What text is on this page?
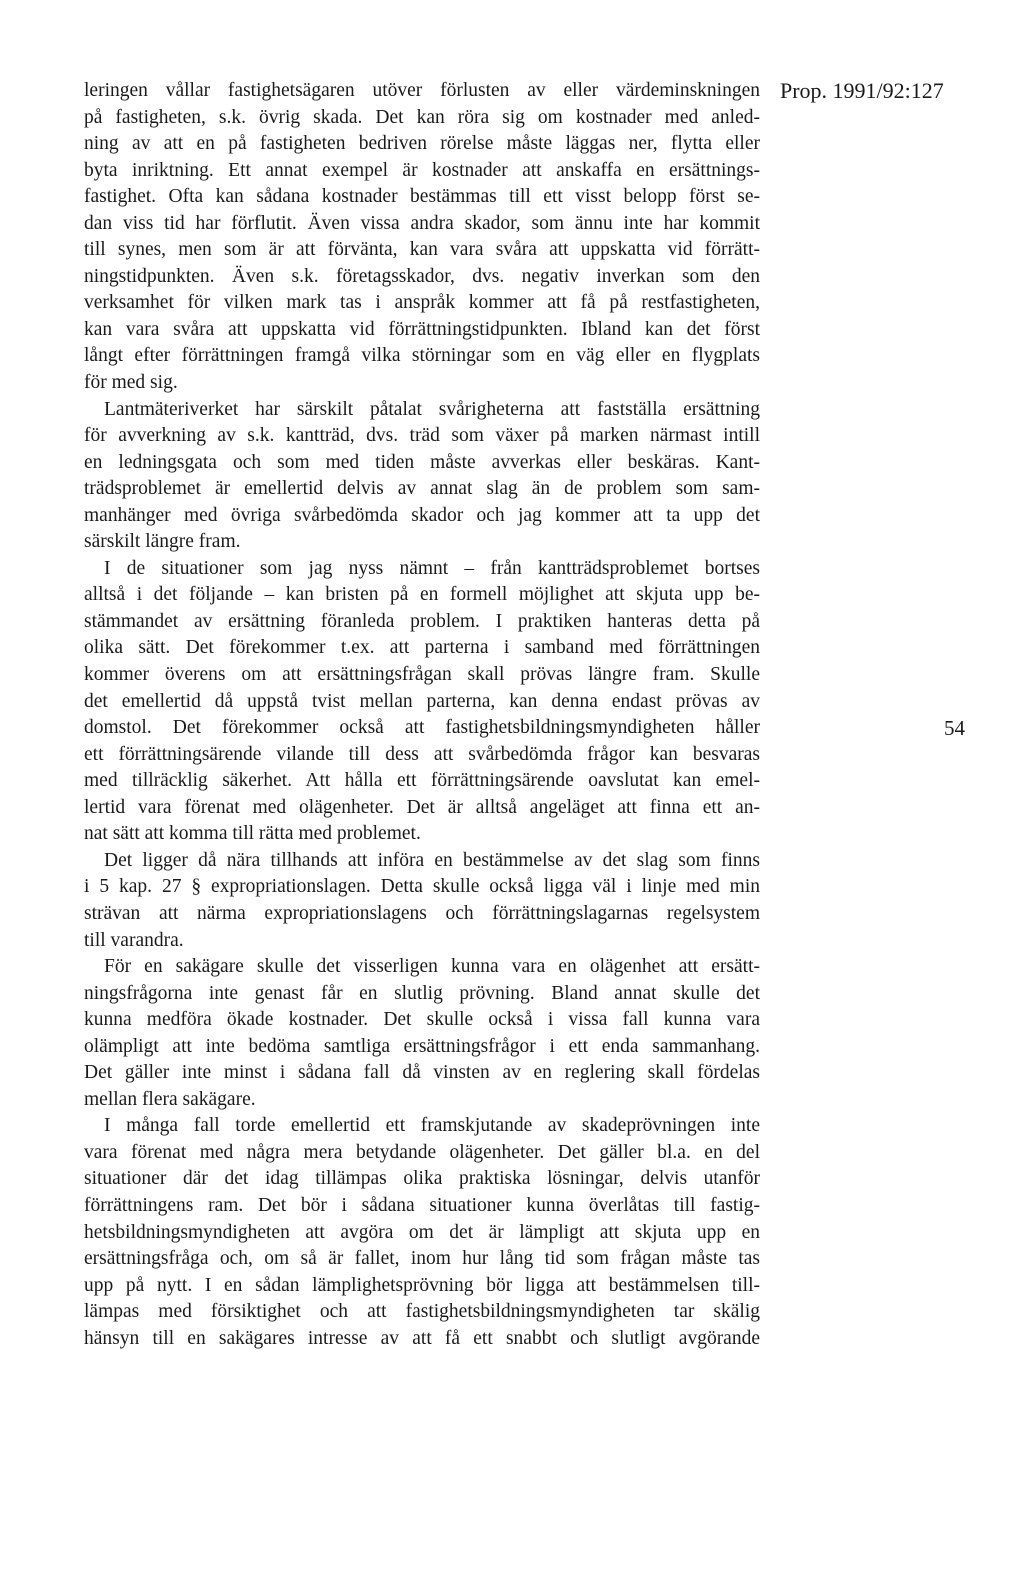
Prop. 1991/92:127
leringen vållar fastighetsägaren utöver förlusten av eller värdeminskningen
på fastigheten, s.k. övrig skada. Det kan röra sig om kostnader med anled-
ning av att en på fastigheten bedriven rörelse måste läggas ner, flytta eller
byta inriktning. Ett annat exempel är kostnader att anskaffa en ersättnings-
fastighet. Ofta kan sådana kostnader bestämmas till ett visst belopp först se-
dan viss tid har förflutit. Även vissa andra skador, som ännu inte har kommit
till synes, men som är att förvänta, kan vara svåra att uppskatta vid förrätt-
ningstidpunkten. Även s.k. företagsskador, dvs. negativ inverkan som den
verksamhet för vilken mark tas i anspråk kommer att få på restfastigheten,
kan vara svåra att uppskatta vid förrättningstidpunkten. Ibland kan det först
långt efter förrättningen framgå vilka störningar som en väg eller en flygplats
för med sig.
Lantmäteriverket har särskilt påtalat svårigheterna att fastställa ersättning
för avverkning av s.k. kantträd, dvs. träd som växer på marken närmast intill
en ledningsgata och som med tiden måste avverkas eller beskäras. Kant-
trädsproblemet är emellertid delvis av annat slag än de problem som sam-
manhänger med övriga svårbedömda skador och jag kommer att ta upp det
särskilt längre fram.
I de situationer som jag nyss nämnt – från kantträdsproblemet bortses
alltså i det följande – kan bristen på en formell möjlighet att skjuta upp be-
stämmandet av ersättning föranleda problem. I praktiken hanteras detta på
olika sätt. Det förekommer t.ex. att parterna i samband med förrättningen
kommer överens om att ersättningsfrågan skall prövas längre fram. Skulle
det emellertid då uppstå tvist mellan parterna, kan denna endast prövas av
domstol. Det förekommer också att fastighetsbildningsmyndigheten håller
ett förrättningsärende vilande till dess att svårbedömda frågor kan besvaras
med tillräcklig säkerhet. Att hålla ett förrättningsärende oavslutat kan emel-
lertid vara förenat med olägenheter. Det är alltså angeläget att finna ett an-
nat sätt att komma till rätta med problemet.
Det ligger då nära tillhands att införa en bestämmelse av det slag som finns
i 5 kap. 27 § expropriationslagen. Detta skulle också ligga väl i linje med min
strävan att närma expropriationslagens och förrättningslagarnas regelsystem
till varandra.
För en sakägare skulle det visserligen kunna vara en olägenhet att ersätt-
ningsfrågorna inte genast får en slutlig prövning. Bland annat skulle det
kunna medföra ökade kostnader. Det skulle också i vissa fall kunna vara
olämpligt att inte bedöma samtliga ersättningsfrågor i ett enda sammanhang.
Det gäller inte minst i sådana fall då vinsten av en reglering skall fördelas
mellan flera sakägare.
I många fall torde emellertid ett framskjutande av skadeprövningen inte
vara förenat med några mera betydande olägenheter. Det gäller bl.a. en del
situationer där det idag tillämpas olika praktiska lösningar, delvis utanför
förrättningens ram. Det bör i sådana situationer kunna överlåtas till fastig-
hetsbildningsmyndigheten att avgöra om det är lämpligt att skjuta upp en
ersättningsfråga och, om så är fallet, inom hur lång tid som frågan måste tas
upp på nytt. I en sådan lämplighetsprövning bör ligga att bestämmelsen till-
lämpas med försiktighet och att fastighetsbildningsmyndigheten tar skälig
hänsyn till en sakägares intresse av att få ett snabbt och slutligt avgörande
54
